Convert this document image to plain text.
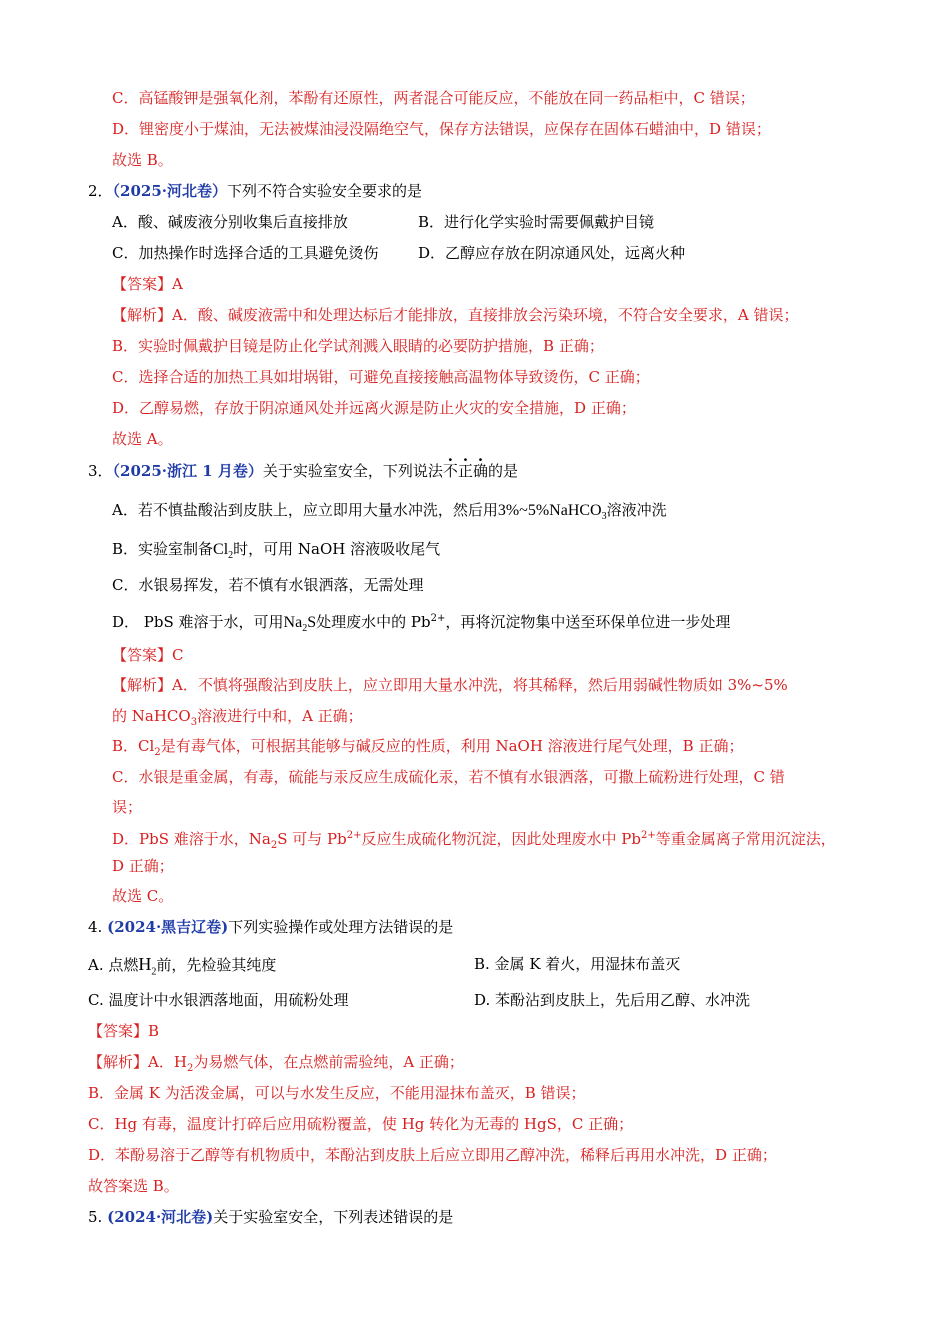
C．高锰酸钾是强氧化剂，苯酚有还原性，两者混合可能反应，不能放在同一药品柜中，C 错误；
D．锂密度小于煤油，无法被煤油浸没隔绝空气，保存方法错误，应保存在固体石蜡油中，D 错误；
故选 B。
2．（2025·河北卷）下列不符合实验安全要求的是
A．酸、碱废液分别收集后直接排放	B．进行化学实验时需要佩戴护目镜
C．加热操作时选择合适的工具避免烫伤	D．乙醇应存放在阴凉通风处，远离火种
【答案】A
【解析】A．酸、碱废液需中和处理达标后才能排放，直接排放会污染环境，不符合安全要求，A 错误；
B．实验时佩戴护目镜是防止化学试剂溅入眼睛的必要防护措施，B 正确；
C．选择合适的加热工具如坩埚钳，可避免直接接触高温物体导致烫伤，C 正确；
D．乙醇易燃，存放于阴凉通风处并远离火源是防止火灾的安全措施，D 正确；
故选 A。
3．（2025·浙江 1 月卷）关于实验室安全，下列说法不正确的是
A．若不慎盐酸沾到皮肤上，应立即用大量水冲洗，然后用3%~5%NaHCO$_3$溶液冲洗
B．实验室制备$Cl_2$时，可用 NaOH 溶液吸收尾气
C．水银易挥发，若不慎有水银洒落，无需处理
D． PbS 难溶于水，可用$Na_2S$处理废水中的 $Pb^{2+}$，再将沉淀物集中送至环保单位进一步处理
【答案】C
【解析】A．不慎将强酸沾到皮肤上，应立即用大量水冲洗，将其稀释，然后用弱碱性物质如 3%~5%
的 NaHCO$_3$溶液进行中和，A 正确；
B．$Cl_2$是有毒气体，可根据其能够与碱反应的性质，利用 NaOH 溶液进行尾气处理，B 正确；
C．水银是重金属，有毒，硫能与汞反应生成硫化汞，若不慎有水银洒落，可撒上硫粉进行处理，C 错
误；
D．PbS 难溶于水，$Na_2S$ 可与 $Pb^{2+}$反应生成硫化物沉淀，因此处理废水中 $Pb^{2+}$等重金属离子常用沉淀法，
D 正确；
故选 C。
4. (2024·黑吉辽卷)下列实验操作或处理方法错误的是
A. 点燃$H_2$前，先检验其纯度	B. 金属 K 着火，用湿抹布盖灭
C. 温度计中水银洒落地面，用硫粉处理	D. 苯酚沾到皮肤上，先后用乙醇、水冲洗
【答案】B
【解析】A．$H_2$为易燃气体，在点燃前需验纯，A 正确；
B．金属 K 为活泼金属，可以与水发生反应，不能用湿抹布盖灭，B 错误；
C．Hg 有毒，温度计打碎后应用硫粉覆盖，使 Hg 转化为无毒的 HgS，C 正确；
D．苯酚易溶于乙醇等有机物质中，苯酚沾到皮肤上后应立即用乙醇冲洗，稀释后再用水冲洗，D 正确；
故答案选 B。
5. (2024·河北卷)关于实验室安全，下列表述错误的是
